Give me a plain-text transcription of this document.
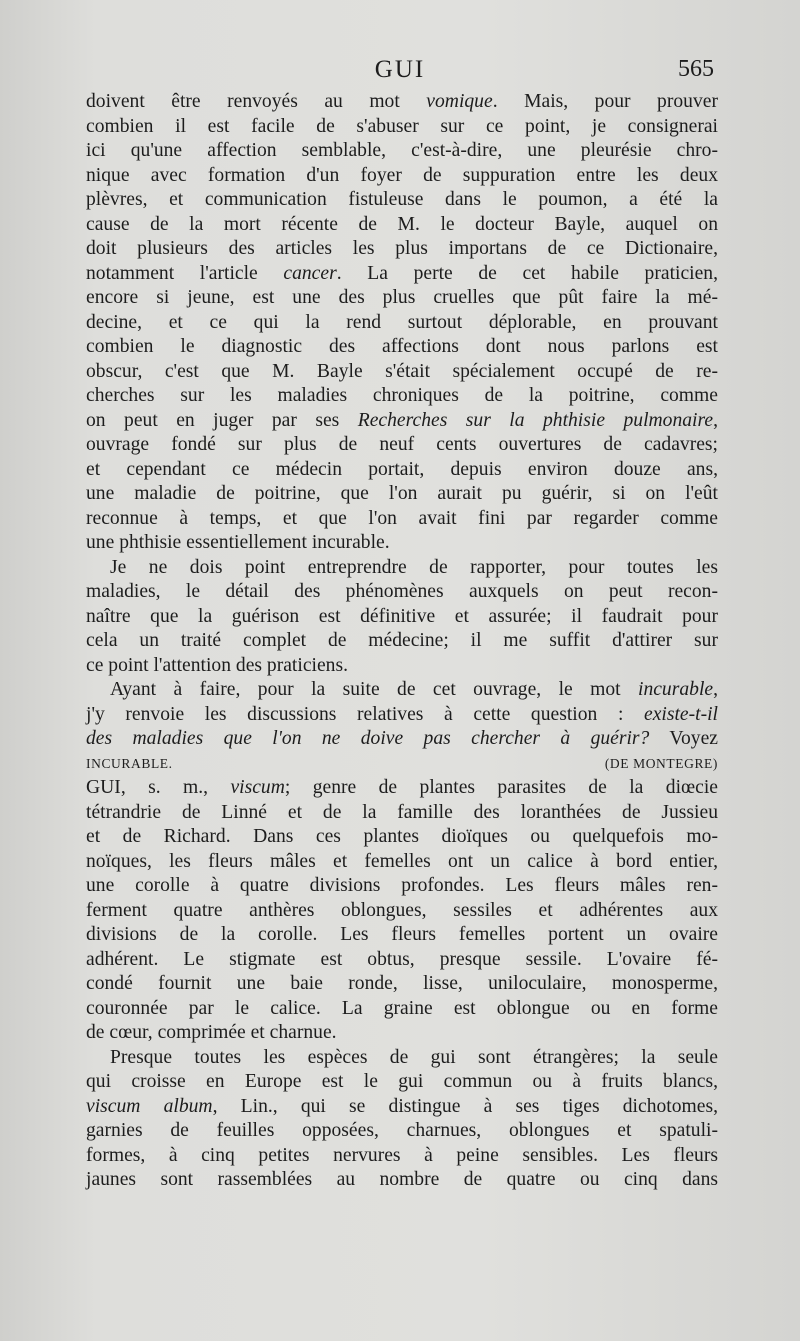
GUI	565
doivent être renvoyés au mot vomique. Mais, pour prouver
combien il est facile de s'abuser sur ce point, je consignerai
ici qu'une affection semblable, c'est-à-dire, une pleurésie chro-
nique avec formation d'un foyer de suppuration entre les deux
plèvres, et communication fistuleuse dans le poumon, a été la
cause de la mort récente de M. le docteur Bayle, auquel on
doit plusieurs des articles les plus importans de ce Dictionaire,
notamment l'article cancer. La perte de cet habile praticien,
encore si jeune, est une des plus cruelles que pût faire la mé-
decine, et ce qui la rend surtout déplorable, en prouvant
combien le diagnostic des affections dont nous parlons est
obscur, c'est que M. Bayle s'était spécialement occupé de re-
cherches sur les maladies chroniques de la poitrine, comme
on peut en juger par ses Recherches sur la phthisie pulmonaire,
ouvrage fondé sur plus de neuf cents ouvertures de cadavres;
et cependant ce médecin portait, depuis environ douze ans,
une maladie de poitrine, que l'on aurait pu guérir, si on l'eût
reconnue à temps, et que l'on avait fini par regarder comme
une phthisie essentiellement incurable.
Je ne dois point entreprendre de rapporter, pour toutes les
maladies, le détail des phénomènes auxquels on peut recon-
naître que la guérison est définitive et assurée; il faudrait pour
cela un traité complet de médecine; il me suffit d'attirer sur
ce point l'attention des praticiens.
Ayant à faire, pour la suite de cet ouvrage, le mot incurable,
j'y renvoie les discussions relatives à cette question : existe-t-il
des maladies que l'on ne doive pas chercher à guérir? Voyez
INCURABLE.	(DE MONTEGRE)
GUI, s. m., viscum; genre de plantes parasites de la diœcie
tétrandrie de Linné et de la famille des loranthées de Jussieu
et de Richard. Dans ces plantes dioïques ou quelquefois mo-
noïques, les fleurs mâles et femelles ont un calice à bord entier,
une corolle à quatre divisions profondes. Les fleurs mâles ren-
ferment quatre anthères oblongues, sessiles et adhérentes aux
divisions de la corolle. Les fleurs femelles portent un ovaire
adhérent. Le stigmate est obtus, presque sessile. L'ovaire fé-
condé fournit une baie ronde, lisse, uniloculaire, monosperme,
couronnée par le calice. La graine est oblongue ou en forme
de cœur, comprimée et charnue.
Presque toutes les espèces de gui sont étrangères; la seule
qui croisse en Europe est le gui commun ou à fruits blancs,
viscum album, Lin., qui se distingue à ses tiges dichotomes,
garnies de feuilles opposées, charnues, oblongues et spatuli-
formes, à cinq petites nervures à peine sensibles. Les fleurs
jaunes sont rassemblées au nombre de quatre ou cinq dans
